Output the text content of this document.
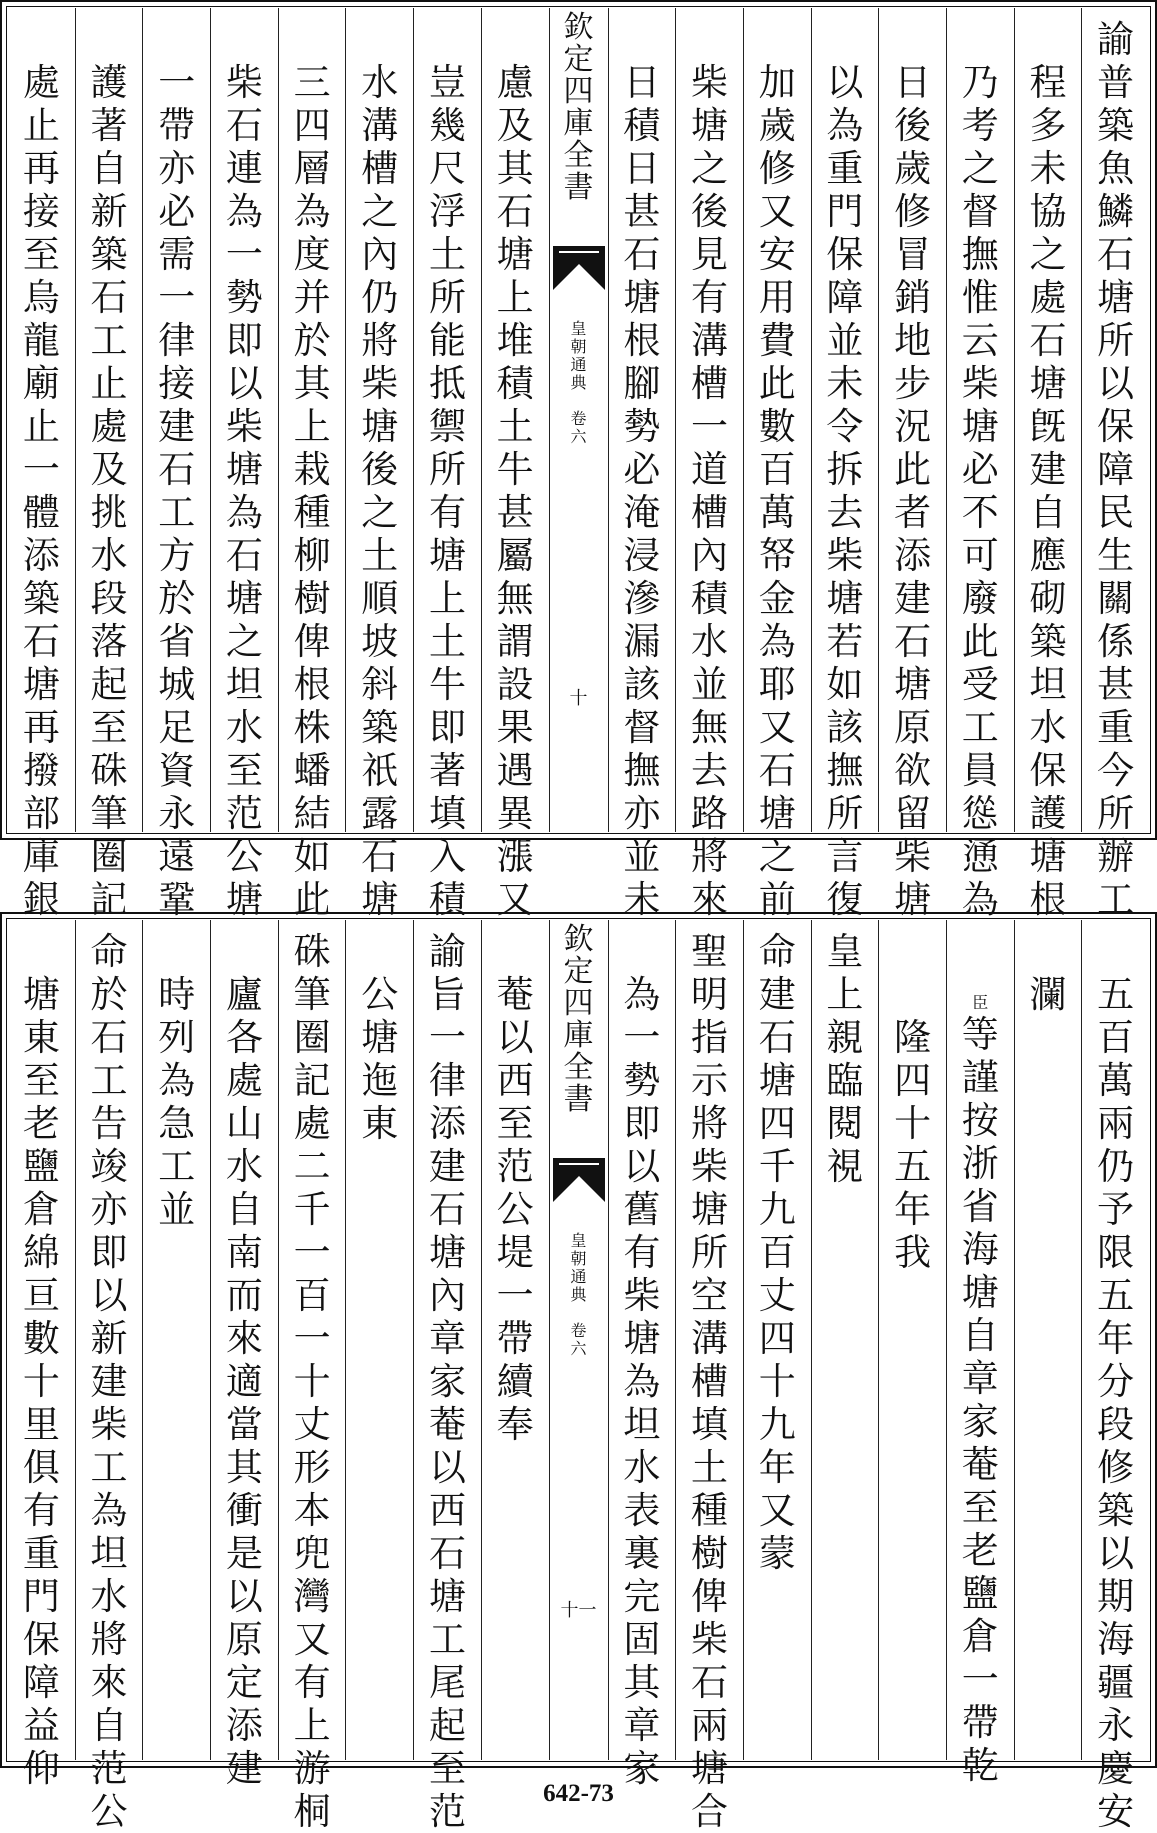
諭
普
築
魚
鱗
石
塘
所
以
保
障
民
生
關
係
甚
重
今
所
辦
工
程
多
未
協
之
處
石
塘
旣
建
自
應
砌
築
坦
水
保
護
塘
根
乃
考
之
督
撫
惟
云
柴
塘
必
不
可
廢
此
受
工
員
慫
慂
為
日
後
歲
修
冒
銷
地
步
況
此
者
添
建
石
塘
原
欲
留
柴
塘
以
為
重
門
保
障
並
未
令
拆
去
柴
塘
若
如
該
撫
所
言
復
加
歲
修
又
安
用
費
此
數
百
萬
帑
金
為
耶
又
石
塘
之
前
柴
塘
之
後
見
有
溝
槽
一
道
槽
內
積
水
並
無
去
路
將
來
日
積
日
甚
石
塘
根
腳
勢
必
淹
浸
滲
漏
該
督
撫
亦
並
未
欽
定
四
庫
全
書
皇
朝
通
典
卷
六
十
慮
及
其
石
塘
上
堆
積
土
牛
甚
屬
無
謂
設
果
遇
異
漲
又
豈
幾
尺
浮
土
所
能
抵
禦
所
有
塘
上
土
牛
即
著
填
入
積
水
溝
槽
之
內
仍
將
柴
塘
後
之
土
順
坡
斜
築
祇
露
石
塘
三
四
層
為
度
并
於
其
上
栽
種
柳
樹
俾
根
株
蟠
結
如
此
柴
石
連
為
一
勢
即
以
柴
塘
為
石
塘
之
坦
水
至
范
公
塘
一
帶
亦
必
需
一
律
接
建
石
工
方
於
省
城
足
資
永
遠
鞏
護
著
自
新
築
石
工
止
處
及
挑
水
段
落
起
至
硃
筆
圈
記
處
止
再
接
至
烏
龍
廟
止
一
體
添
築
石
塘
再
撥
部
庫
銀
五
百
萬
兩
仍
予
限
五
年
分
段
修
築
以
期
海
疆
永
慶
安
瀾
臣
等
謹
按
浙
省
海
塘
自
章
家
菴
至
老
鹽
倉
一
帶
乾
隆
四
十
五
年
我
皇
上
親
臨
閱
視
命
建
石
塘
四
千
九
百
丈
四
十
九
年
又
蒙
聖
明
指
示
將
柴
塘
所
空
溝
槽
填
土
種
樹
俾
柴
石
兩
塘
合
為
一
勢
即
以
舊
有
柴
塘
為
坦
水
表
裏
完
固
其
章
家
欽
定
四
庫
全
書
皇
朝
通
典
卷
六
十一
菴
以
西
至
范
公
堤
一
帶
續
奉
諭
旨
一
律
添
建
石
塘
內
章
家
菴
以
西
石
塘
工
尾
起
至
范
公
塘
迤
東
硃
筆
圈
記
處
二
千
一
百
一
十
丈
形
本
兜
灣
又
有
上
游
桐
廬
各
處
山
水
自
南
而
來
適
當
其
衝
是
以
原
定
添
建
時
列
為
急
工
並
命
於
石
工
告
竣
亦
即
以
新
建
柴
工
為
坦
水
將
來
自
范
公
塘
東
至
老
鹽
倉
綿
亘
數
十
里
俱
有
重
門
保
障
益
仰
642-73
